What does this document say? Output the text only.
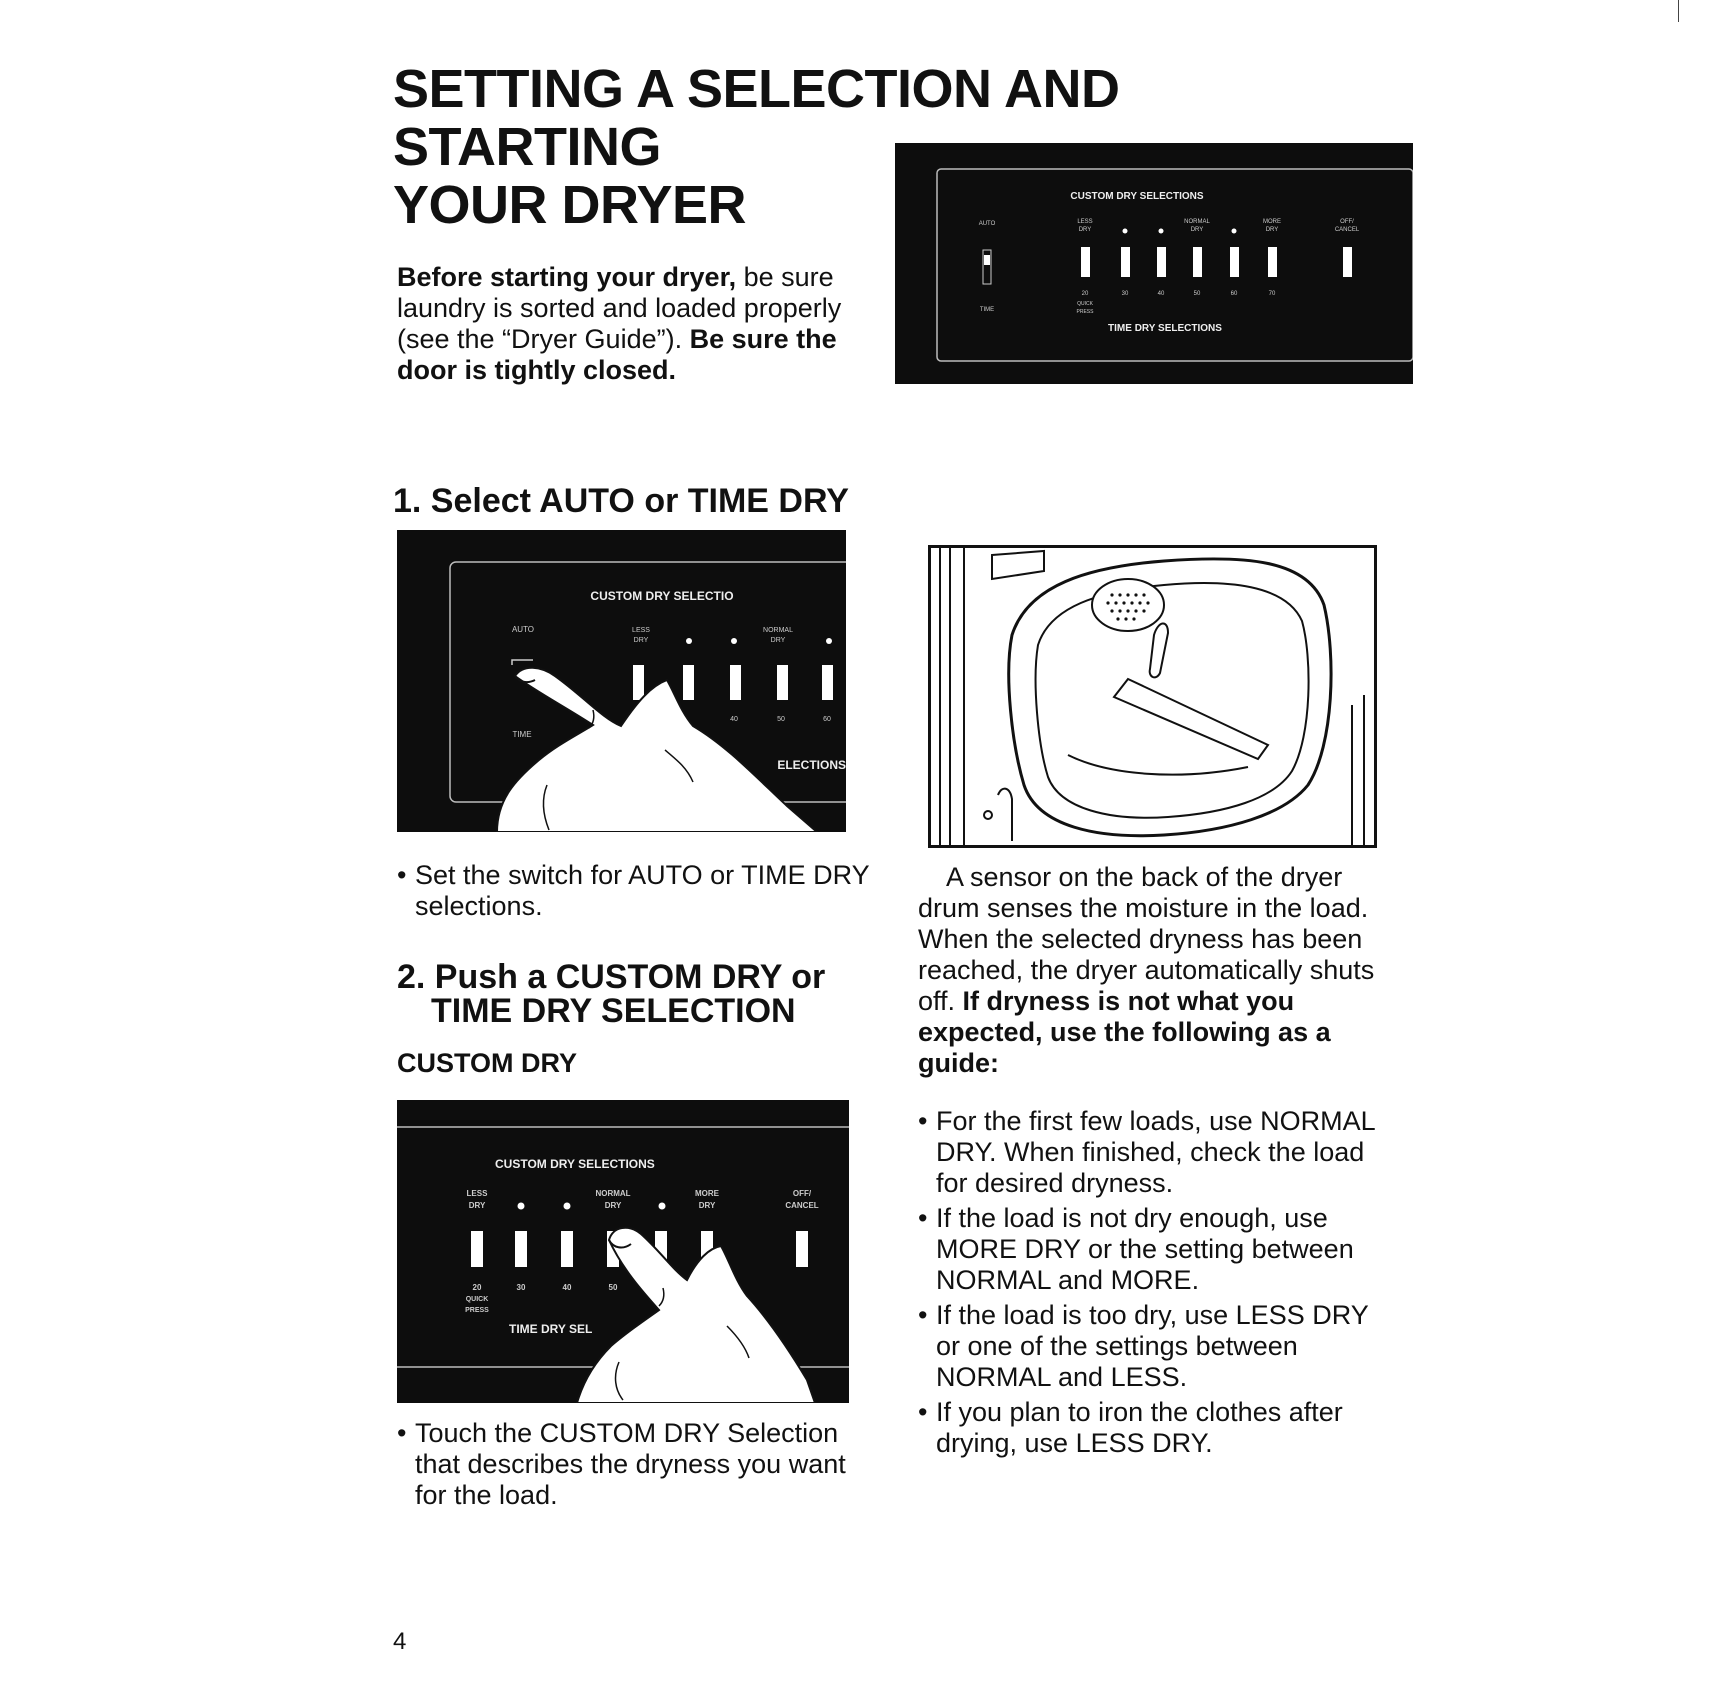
SETTING A SELECTION AND
STARTING
YOUR DRYER

Before starting your dryer, be sure laundry is sorted and loaded properly (see the “Dryer Guide”). Be sure the door is tightly closed.

CUSTOM DRY SELECTIONS
AUTO
TIME
LESS
DRY
NORMAL
DRY
MORE
DRY
OFF/
CANCEL
20	30	40	50	60	70
QUICK
PRESS
TIME DRY SELECTIONS
1. Select AUTO or TIME DRY
CUSTOM DRY SELECTIO
AUTO
TIME
LESS
DRY
NORMAL
DRY
40	50	60
ELECTIONS

• Set the switch for AUTO or TIME DRY selections.

2. Push a CUSTOM DRY or
TIME DRY SELECTION
CUSTOM DRY
CUSTOM DRY SELECTIONS
LESS
DRY
NORMAL
DRY
MORE
DRY
OFF/
CANCEL
20
QUICK
PRESS
30	40	50
TIME DRY SEL

• Touch the CUSTOM DRY Selection that describes the dryness you want for the load.

A sensor on the back of the dryer drum senses the moisture in the load. When the selected dryness has been reached, the dryer automatically shuts off. If dryness is not what you expected, use the following as a guide:

• For the first few loads, use NORMAL DRY. When finished, check the load for desired dryness.

• If the load is not dry enough, use MORE DRY or the setting between NORMAL and MORE.

• If the load is too dry, use LESS DRY or one of the settings between NORMAL and LESS.

• If you plan to iron the clothes after drying, use LESS DRY.

4
